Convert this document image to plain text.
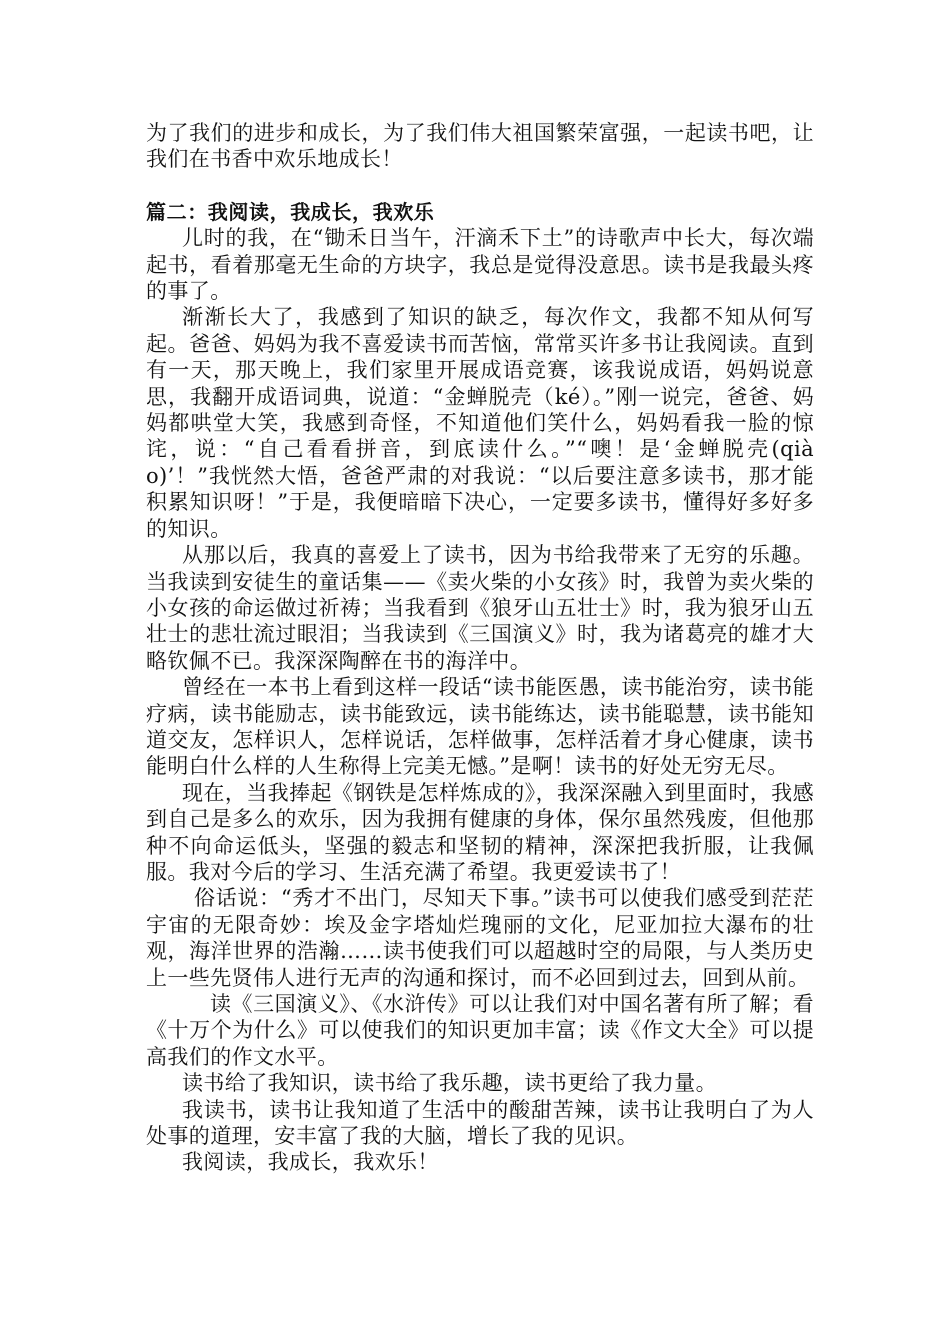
为了我们的进步和成长，为了我们伟大祖国繁荣富强，一起读书吧，让我们在书香中欢乐地成长！

篇二：我阅读，我成长，我欢乐

儿时的我，在“锄禾日当午，汗滴禾下土”的诗歌声中长大，每次端起书，看着那毫无生命的方块字，我总是觉得没意思。读书是我最头疼的事了。

渐渐长大了，我感到了知识的缺乏，每次作文，我都不知从何写起。爸爸、妈妈为我不喜爱读书而苦恼，常常买许多书让我阅读。直到有一天，那天晚上，我们家里开展成语竞赛，该我说成语，妈妈说意思，我翻开成语词典，说道：“金蝉脱壳（ké）。”刚一说完，爸爸、妈妈都哄堂大笑，我感到奇怪，不知道他们笑什么，妈妈看我一脸的惊诧，说：“自己看看拼音，到底读什么。”“噢！是‘金蝉脱壳(qiào)’！”我恍然大悟，爸爸严肃的对我说：“以后要注意多读书，那才能积累知识呀！”于是，我便暗暗下决心，一定要多读书，懂得好多好多的知识。

从那以后，我真的喜爱上了读书，因为书给我带来了无穷的乐趣。当我读到安徒生的童话集——《卖火柴的小女孩》时，我曾为卖火柴的小女孩的命运做过祈祷；当我看到《狼牙山五壮士》时，我为狼牙山五壮士的悲壮流过眼泪；当我读到《三国演义》时，我为诸葛亮的雄才大略钦佩不已。我深深陶醉在书的海洋中。

曾经在一本书上看到这样一段话“读书能医愚，读书能治穷，读书能疗病，读书能励志，读书能致远，读书能练达，读书能聪慧，读书能知道交友，怎样识人，怎样说话，怎样做事，怎样活着才身心健康，读书能明白什么样的人生称得上完美无憾。”是啊！读书的好处无穷无尽。

现在，当我捧起《钢铁是怎样炼成的》，我深深融入到里面时，我感到自己是多么的欢乐，因为我拥有健康的身体，保尔虽然残废，但他那种不向命运低头，坚强的毅志和坚韧的精神，深深把我折服，让我佩服。我对今后的学习、生活充满了希望。我更爱读书了！

俗话说：“秀才不出门，尽知天下事。”读书可以使我们感受到茫茫宇宙的无限奇妙：埃及金字塔灿烂瑰丽的文化，尼亚加拉大瀑布的壮观，海洋世界的浩瀚……读书使我们可以超越时空的局限，与人类历史上一些先贤伟人进行无声的沟通和探讨，而不必回到过去，回到从前。

读《三国演义》、《水浒传》可以让我们对中国名著有所了解；看《十万个为什么》可以使我们的知识更加丰富；读《作文大全》可以提高我们的作文水平。

读书给了我知识，读书给了我乐趣，读书更给了我力量。

我读书，读书让我知道了生活中的酸甜苦辣，读书让我明白了为人处事的道理，安丰富了我的大脑，增长了我的见识。

我阅读，我成长，我欢乐！
